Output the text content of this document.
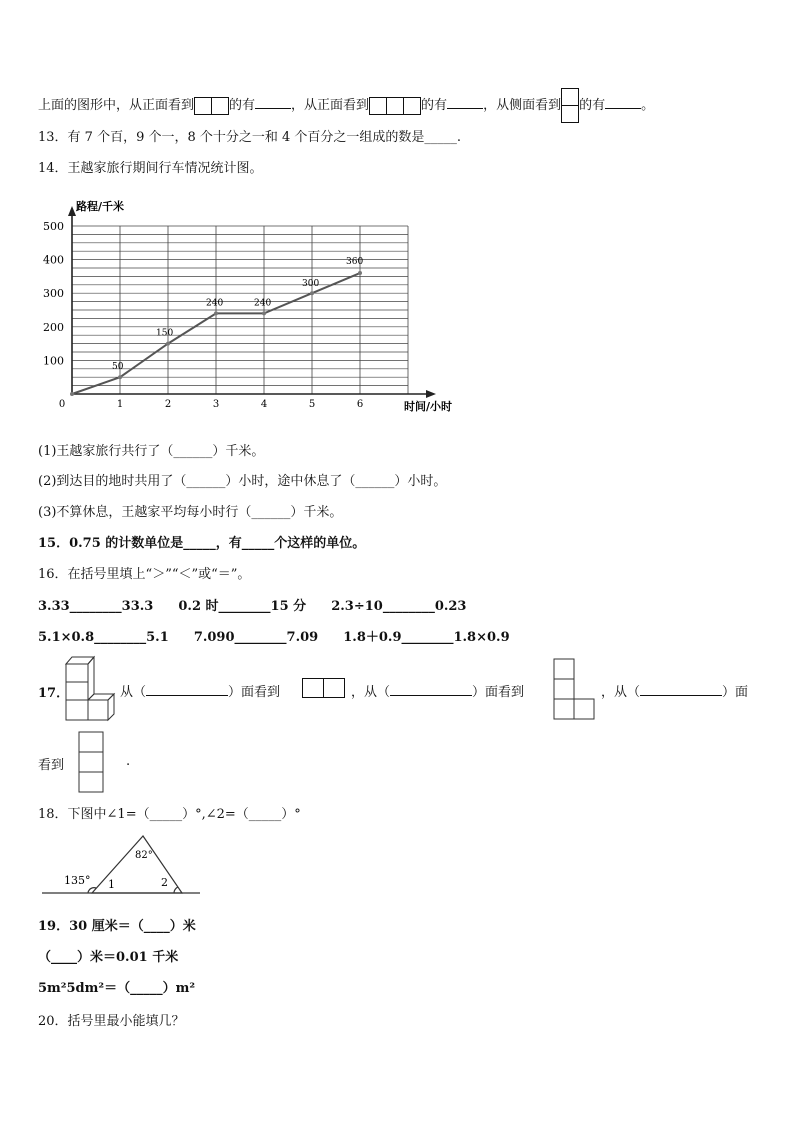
上面的图形中，从正面看到	的有	，从正面看到	的有	，从侧面看到 的有	。
13．有 7 个百，9 个一，8 个十分之一和 4 个百分之一组成的数是_____.
14．王越家旅行期间行车情况统计图。
100
200
300
400
500
0	1	2	3	4	5	6
50
150
240	240
300
360
路程/千米
时间/小时
(1)王越家旅行共行了（______）千米。
(2)到达目的地时共用了（______）小时，途中休息了（______）小时。
(3)不算休息，王越家平均每小时行（______）千米。
15．0.75 的计数单位是_____，有_____个这样的单位。
16．在括号里填上“＞”“＜”或“＝”。
3.33________33.3 0.2 时________15 分 2.3÷10________0.23
5.1×0.8________5.1 7.090________7.09 1.8＋0.9________1.8×0.9
17．	从（	）面看到	，从（	）面看到	，从（	）面
看到	.
18．下图中∠1=（_____）°,∠2=（_____）°
82°
135° 1	2
19．30 厘米＝（____）米
（____）米＝0.01 千米
5m²5dm²＝（_____）m²
20．括号里最小能填几？
